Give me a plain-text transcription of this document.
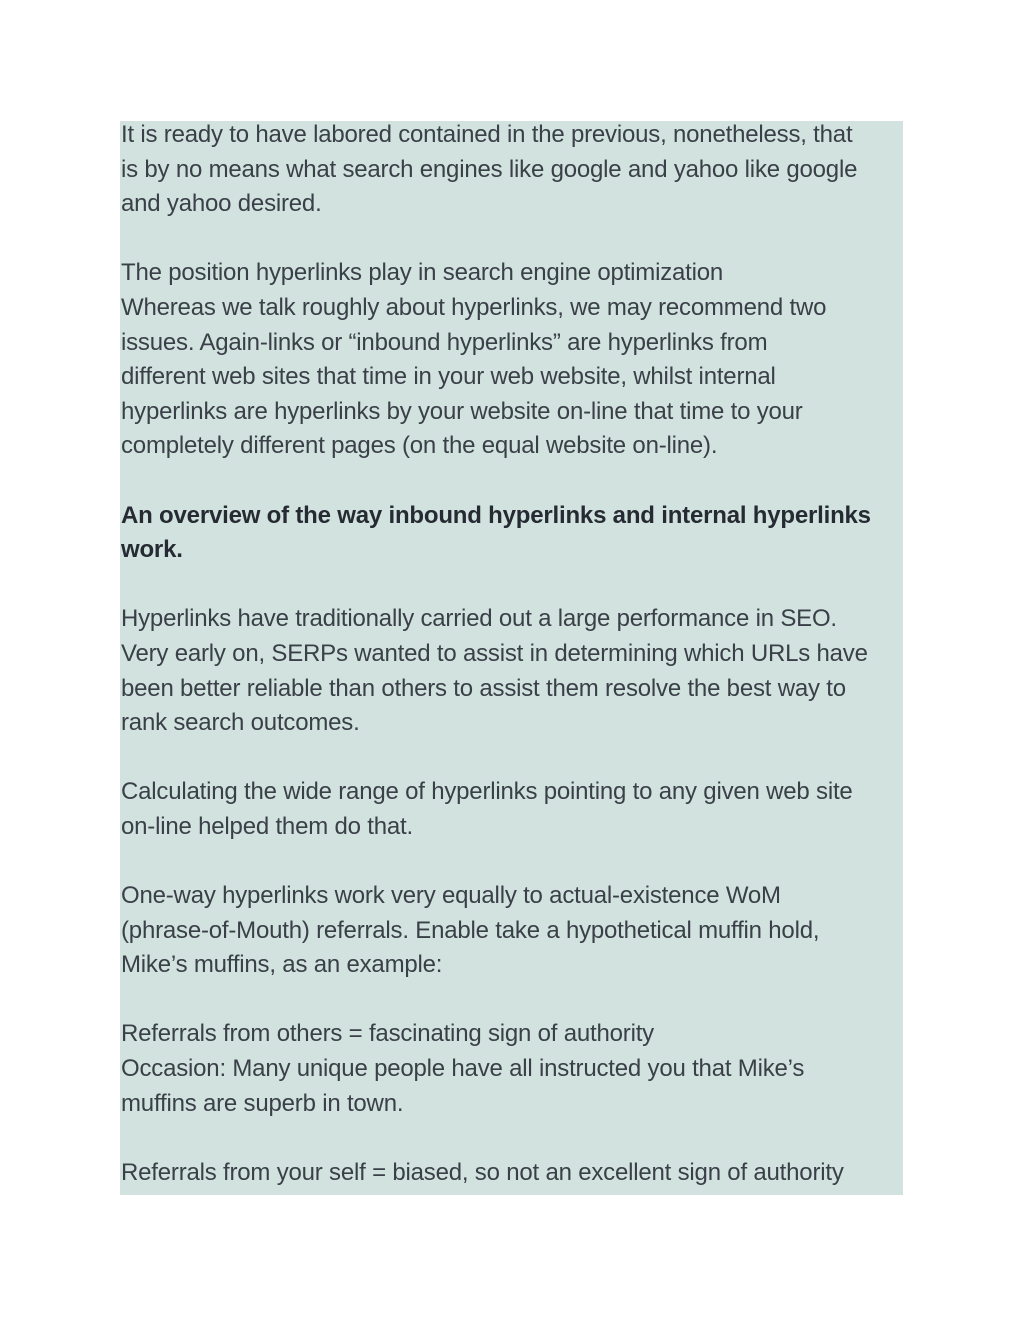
It is ready to have labored contained in the previous, nonetheless, that
is by no means what search engines like google and yahoo like google
and yahoo desired.

The position hyperlinks play in search engine optimization
Whereas we talk roughly about hyperlinks, we may recommend two
issues. Again-links or “inbound hyperlinks” are hyperlinks from
different web sites that time in your web website, whilst internal
hyperlinks are hyperlinks by your website on-line that time to your
completely different pages (on the equal website on-line).

An overview of the way inbound hyperlinks and internal hyperlinks
work.

Hyperlinks have traditionally carried out a large performance in SEO.
Very early on, SERPs wanted to assist in determining which URLs have
been better reliable than others to assist them resolve the best way to
rank search outcomes.

Calculating the wide range of hyperlinks pointing to any given web site
on-line helped them do that.

One-way hyperlinks work very equally to actual-existence WoM
(phrase-of-Mouth) referrals. Enable take a hypothetical muffin hold,
Mike’s muffins, as an example:

Referrals from others = fascinating sign of authority
Occasion: Many unique people have all instructed you that Mike’s
muffins are superb in town.

Referrals from your self = biased, so not an excellent sign of authority
